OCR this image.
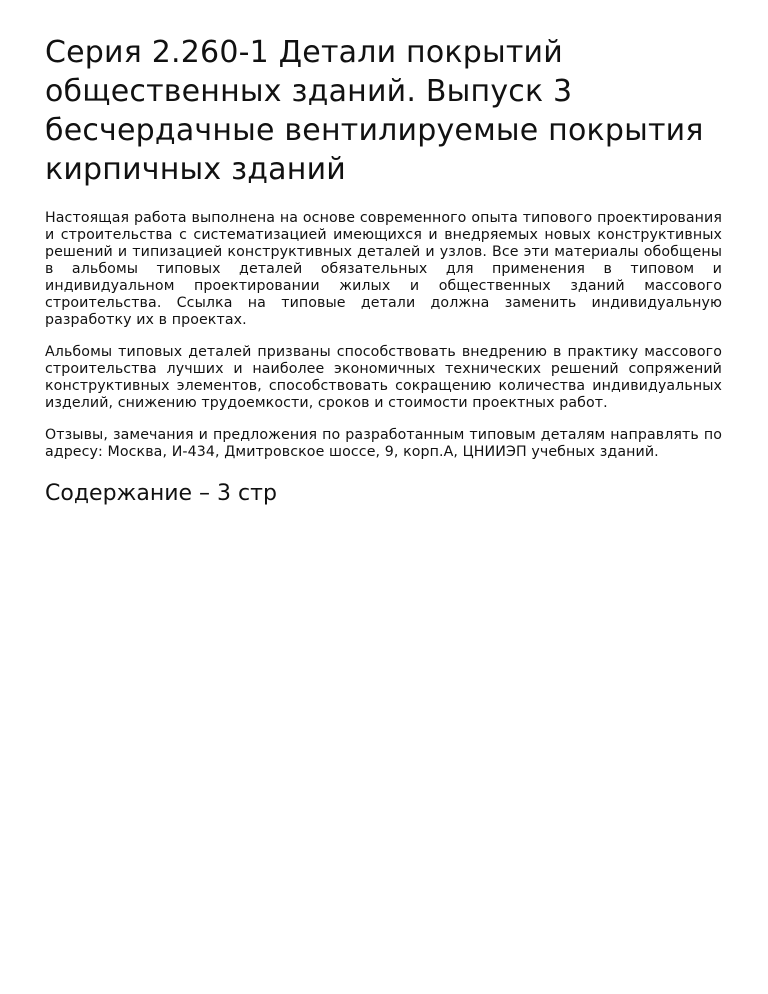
Серия 2.260-1 Детали покрытий общественных зданий. Выпуск 3 бесчердачные вентилируемые покрытия кирпичных зданий

Настоящая работа выполнена на основе современного опыта типового проектирования и строительства с систематизацией имеющихся и внедряемых новых конструктивных решений и типизацией конструктивных деталей и узлов. Все эти материалы обобщены в альбомы типовых деталей обязательных для применения в типовом и индивидуальном проектировании жилых и общественных зданий массового строительства. Ссылка на типовые детали должна заменить индивидуальную разработку их в проектах.

Альбомы типовых деталей призваны способствовать внедрению в практику массового строительства лучших и наиболее экономичных технических решений сопряжений конструктивных элементов, способствовать сокращению количества индивидуальных изделий, снижению трудоемкости, сроков и стоимости проектных работ.

Отзывы, замечания и предложения по разработанным типовым деталям направлять по адресу: Москва, И-434, Дмитровское шоссе, 9, корп.А, ЦНИИЭП учебных зданий.

Содержание – 3 стр
